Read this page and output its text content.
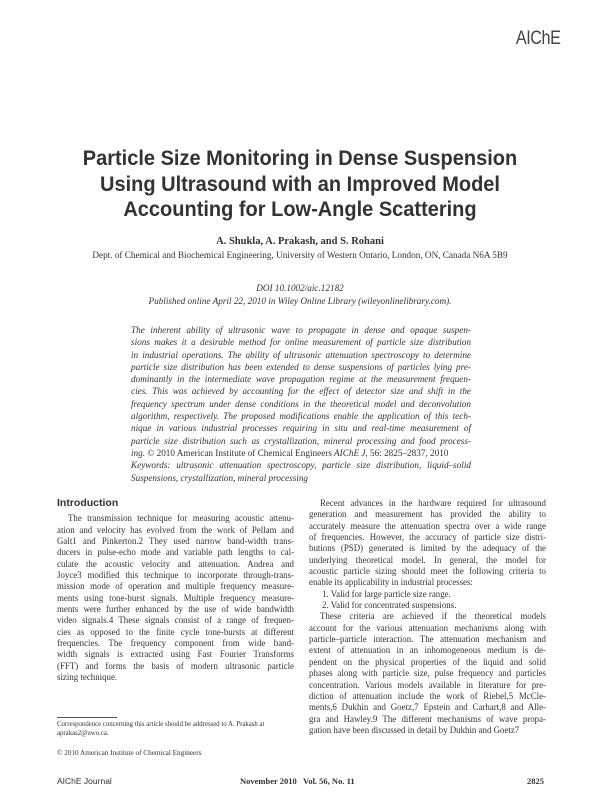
AIChE
Particle Size Monitoring in Dense Suspension
Using Ultrasound with an Improved Model
Accounting for Low-Angle Scattering
A. Shukla, A. Prakash, and S. Rohani
Dept. of Chemical and Biochemical Engineering, University of Western Ontario, London, ON, Canada N6A 5B9
DOI 10.1002/aic.12182
Published online April 22, 2010 in Wiley Online Library (wileyonlinelibrary.com).
The inherent ability of ultrasonic wave to propagate in dense and opaque suspen-
sions makes it a desirable method for online measurement of particle size distribution
in industrial operations. The ability of ultrasonic attenuation spectroscopy to determine
particle size distribution has been extended to dense suspensions of particles lying pre-
dominantly in the intermediate wave propagation regime at the measurement frequen-
cies. This was achieved by accounting for the effect of detector size and shift in the
frequency spectrum under dense conditions in the theoretical model and deconvolution
algorithm, respectively. The proposed modifications enable the application of this tech-
nique in various industrial processes requiring in situ and real-time measurement of
particle size distribution such as crystallization, mineral processing and food process-
ing. © 2010 American Institute of Chemical Engineers AIChE J, 56: 2825–2837, 2010
Keywords: ultrasonic attenuation spectroscopy, particle size distribution, liquid–solid
Suspensions, crystallization, mineral processing
Introduction
The transmission technique for measuring acoustic attenu-
ation and velocity has evolved from the work of Pellam and
Galt1 and Pinkerton.2 They used narrow band-width trans-
ducers in pulse-echo mode and variable path lengths to cal-
culate the acoustic velocity and attenuation. Andrea and
Joyce3 modified this technique to incorporate through-trans-
mission mode of operation and multiple frequency measure-
ments using tone-burst signals. Multiple frequency measure-
ments were further enhanced by the use of wide bandwidth
video signals.4 These signals consist of a range of frequen-
cies as opposed to the finite cycle tone-bursts at different
frequencies. The frequency component from wide band-
width signals is extracted using Fast Fourier Transforms
(FFT) and forms the basis of modern ultrasonic particle
sizing technique.
Recent advances in the hardware required for ultrasound
generation and measurement has provided the ability to
accurately measure the attenuation spectra over a wide range
of frequencies. However, the accuracy of particle size distri-
butions (PSD) generated is limited by the adequacy of the
underlying theoretical model. In general, the model for
acoustic particle sizing should meet the following criteria to
enable its applicability in industrial processes:
1. Valid for large particle size range.
2. Valid for concentrated suspensions.
These criteria are achieved if the theoretical models
account for the various attenuation mechanisms along with
particle–particle interaction. The attenuation mechanism and
extent of attenuation in an inhomogeneous medium is de-
pendent on the physical properties of the liquid and solid
phases along with particle size, pulse frequency and particles
concentration. Various models available in literature for pre-
diction of attenuation include the work of Riebel,5 McCle-
ments,6 Dukhin and Goetz,7 Epstein and Carhart,8 and Alle-
gra and Hawley.9 The different mechanisms of wave propa-
gation have been discussed in detail by Dukhin and Goetz7
Correspondence concerning this article should be addressed to A. Prakash at aprakas2@uwo.ca.
© 2010 American Institute of Chemical Engineers
AIChE Journal	November 2010   Vol. 56, No. 11	2825
